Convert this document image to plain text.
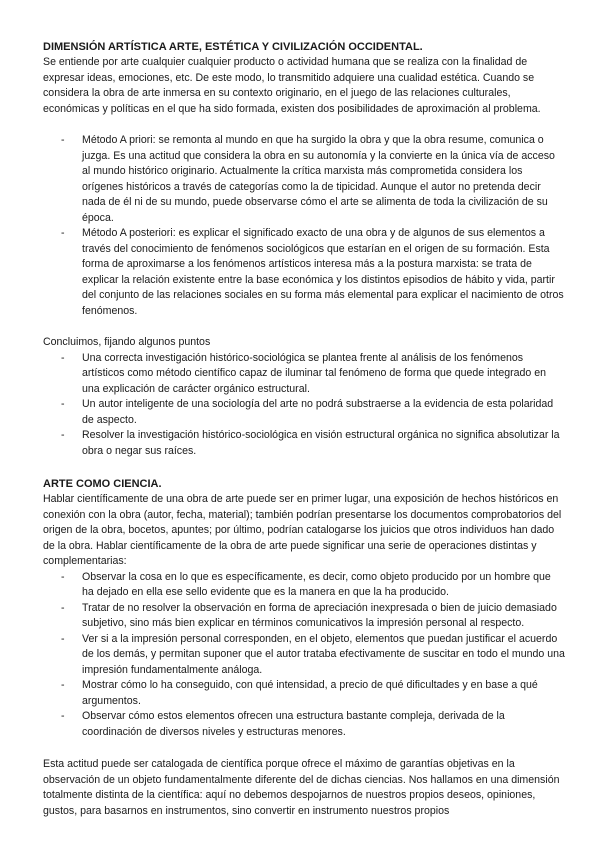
DIMENSIÓN ARTÍSTICA ARTE, ESTÉTICA Y CIVILIZACIÓN OCCIDENTAL.

Se entiende por arte cualquier cualquier producto o actividad humana que se realiza con la finalidad de expresar ideas, emociones, etc. De este modo, lo transmitido adquiere una cualidad estética. Cuando se considera la obra de arte inmersa en su contexto originario, en el juego de las relaciones culturales, económicas y políticas en el que ha sido formada, existen dos posibilidades de aproximación al problema.

- Método A priori: se remonta al mundo en que ha surgido la obra y que la obra resume, comunica o juzga. Es una actitud que considera la obra en su autonomía y la convierte en la única vía de acceso al mundo histórico originario. Actualmente la crítica marxista más comprometida considera los orígenes históricos a través de categorías como la de tipicidad. Aunque el autor no pretenda decir nada de él ni de su mundo, puede observarse cómo el arte se alimenta de toda la civilización de su época.
- Método A posteriori: es explicar el significado exacto de una obra y de algunos de sus elementos a través del conocimiento de fenómenos sociológicos que estarían en el origen de su formación. Esta forma de aproximarse a los fenómenos artísticos interesa más a la postura marxista: se trata de explicar la relación existente entre la base económica y los distintos episodios de hábito y vida, partir del conjunto de las relaciones sociales en su forma más elemental para explicar el nacimiento de otros fenómenos.

Concluimos, fijando algunos puntos

- Una correcta investigación histórico-sociológica se plantea frente al análisis de los fenómenos artísticos como método científico capaz de iluminar tal fenómeno de forma que quede integrado en una explicación de carácter orgánico estructural.
- Un autor inteligente de una sociología del arte no podrá substraerse a la evidencia de esta polaridad de aspecto.
- Resolver la investigación histórico-sociológica en visión estructural orgánica no significa absolutizar la obra o negar sus raíces.

ARTE COMO CIENCIA.

Hablar científicamente de una obra de arte puede ser en primer lugar, una exposición de hechos históricos en conexión con la obra (autor, fecha, material); también podrían presentarse los documentos comprobatorios del origen de la obra, bocetos, apuntes; por último, podrían catalogarse los juicios que otros individuos han dado de la obra. Hablar científicamente de la obra de arte puede significar una serie de operaciones distintas y complementarias:

- Observar la cosa en lo que es específicamente, es decir, como objeto producido por un hombre que ha dejado en ella ese sello evidente que es la manera en que la ha producido.
- Tratar de no resolver la observación en forma de apreciación inexpresada o bien de juicio demasiado subjetivo, sino más bien explicar en términos comunicativos la impresión personal al respecto.
- Ver si a la impresión personal corresponden, en el objeto, elementos que puedan justificar el acuerdo de los demás, y permitan suponer que el autor trataba efectivamente de suscitar en todo el mundo una impresión fundamentalmente análoga.
- Mostrar cómo lo ha conseguido, con qué intensidad, a precio de qué dificultades y en base a qué argumentos.
- Observar cómo estos elementos ofrecen una estructura bastante compleja, derivada de la coordinación de diversos niveles y estructuras menores.

Esta actitud puede ser catalogada de científica porque ofrece el máximo de garantías objetivas en la observación de un objeto fundamentalmente diferente del de dichas ciencias. Nos hallamos en una dimensión totalmente distinta de la científica: aquí no debemos despojarnos de nuestros propios deseos, opiniones, gustos, para basarnos en instrumentos, sino convertir en instrumento nuestros propios
